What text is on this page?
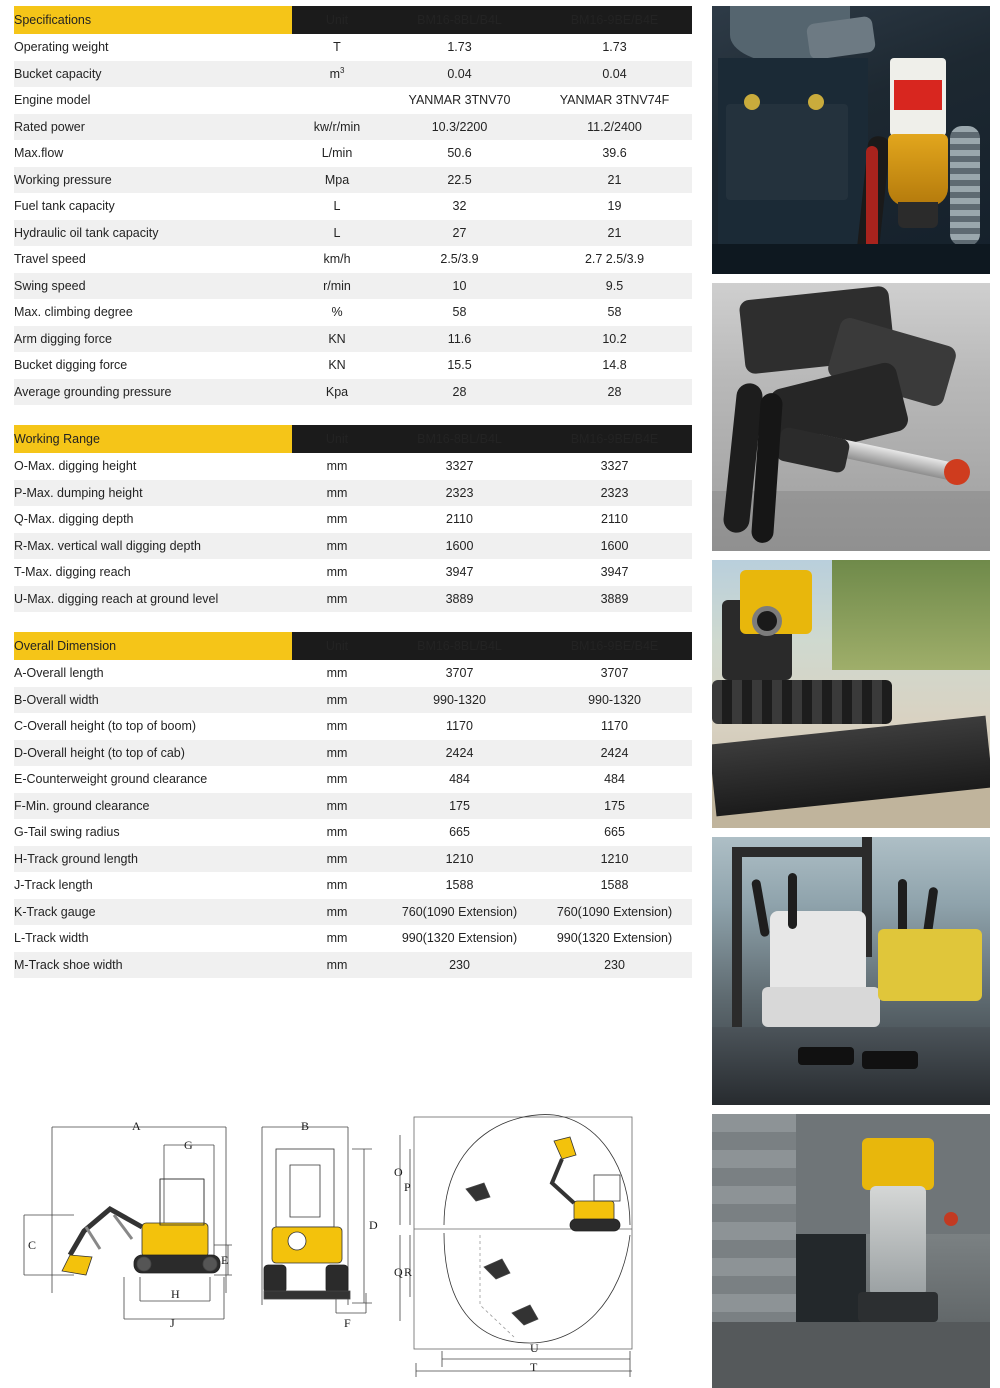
Specifications	Unit	BM16-8BL/B4L	BM16-9BE/B4E
Operating weight	T	1.73	1.73
Bucket capacity	$m^3$	0.04	0.04
Engine model		YANMAR 3TNV70	YANMAR 3TNV74F
Rated power	kw/r/min	10.3/2200	11.2/2400
Max.flow	L/min	50.6	39.6
Working pressure	Mpa	22.5	21
Fuel tank capacity	L	32	19
Hydraulic oil tank capacity	L	27	21
Travel speed	km/h	2.5/3.9	2.7 2.5/3.9
Swing speed	r/min	10	9.5
Max. climbing degree	%	58	58
Arm digging force	KN	11.6	10.2
Bucket digging force	KN	15.5	14.8
Average grounding pressure	Kpa	28	28
Working Range	Unit	BM16-8BL/B4L	BM16-9BE/B4E
O-Max. digging height	mm	3327	3327
P-Max. dumping height	mm	2323	2323
Q-Max. digging depth	mm	2110	2110
R-Max. vertical wall digging depth	mm	1600	1600
T-Max. digging reach	mm	3947	3947
U-Max. digging reach at ground level	mm	3889	3889
Overall Dimension	Unit	BM16-8BL/B4L	BM16-9BE/B4E
A-Overall length	mm	3707	3707
B-Overall width	mm	990-1320	990-1320
C-Overall height (to top of boom)	mm	1170	1170
D-Overall height (to top of cab)	mm	2424	2424
E-Counterweight ground clearance	mm	484	484
F-Min. ground clearance	mm	175	175
G-Tail swing radius	mm	665	665
H-Track ground length	mm	1210	1210
J-Track length	mm	1588	1588
K-Track gauge	mm	760(1090 Extension)	760(1090 Extension)
L-Track width	mm	990(1320 Extension)	990(1320 Extension)
M-Track shoe width	mm	230	230
A
G
C
E
H
J
B
D
F
O
P
Q R
U
T
